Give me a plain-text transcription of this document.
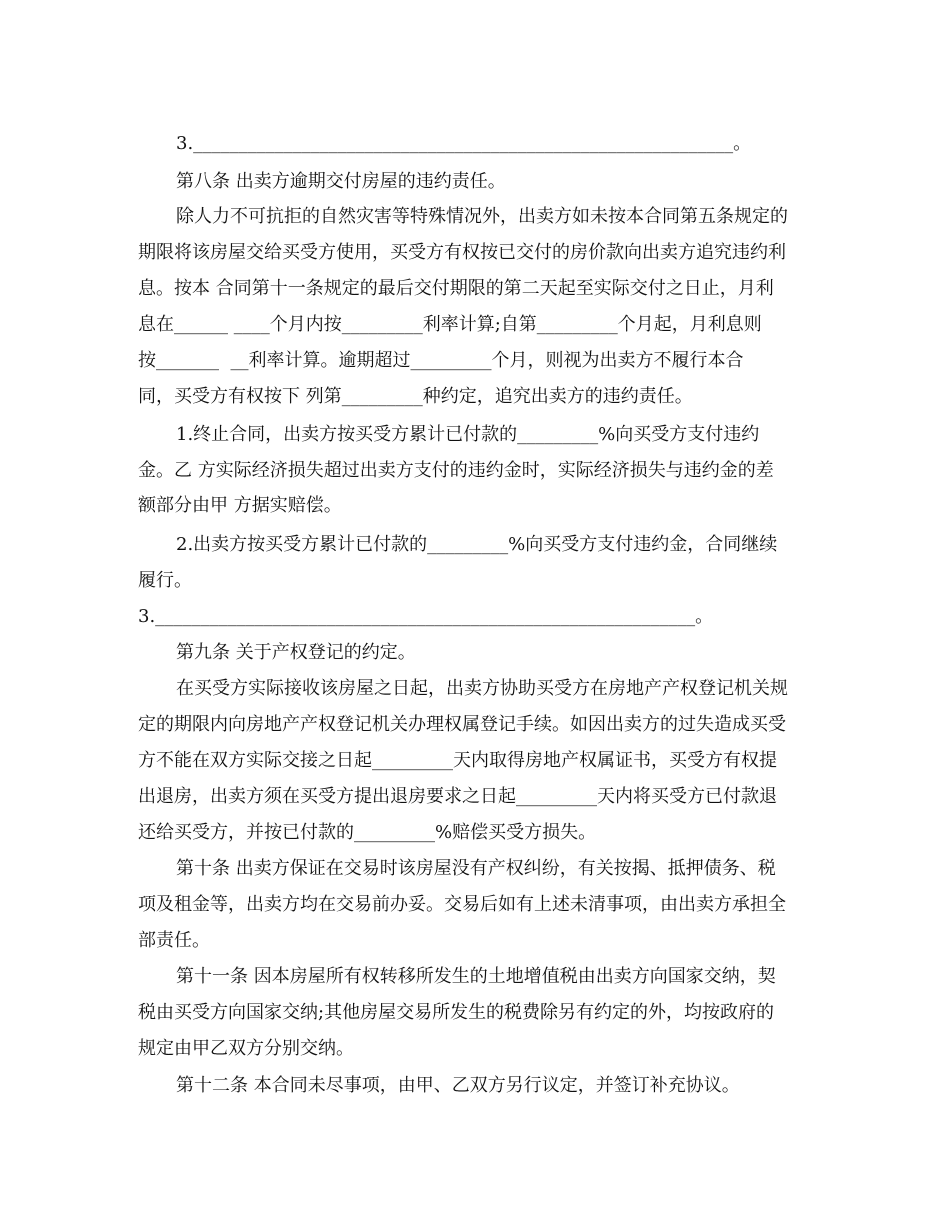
3.____________________________________________________________。
第八条 出卖方逾期交付房屋的违约责任。
除人力不可抗拒的自然灾害等特殊情况外，出卖方如未按本合同第五条规定的
期限将该房屋交给买受方使用，买受方有权按已交付的房价款向出卖方追究违约利
息。按本 合同第十一条规定的最后交付期限的第二天起至实际交付之日止，月利
息在______ ____个月内按_________利率计算;自第_________个月起，月利息则
按_______  __利率计算。逾期超过_________个月，则视为出卖方不履行本合
同，买受方有权按下 列第_________种约定，追究出卖方的违约责任。
1.终止合同，出卖方按买受方累计已付款的_________%向买受方支付违约
金。乙 方实际经济损失超过出卖方支付的违约金时，实际经济损失与违约金的差
额部分由甲 方据实赔偿。
2.出卖方按买受方累计已付款的_________%向买受方支付违约金，合同继续
履行。
3.____________________________________________________________。
第九条 关于产权登记的约定。
在买受方实际接收该房屋之日起，出卖方协助买受方在房地产产权登记机关规
定的期限内向房地产产权登记机关办理权属登记手续。如因出卖方的过失造成买受
方不能在双方实际交接之日起_________天内取得房地产权属证书，买受方有权提
出退房，出卖方须在买受方提出退房要求之日起_________天内将买受方已付款退
还给买受方，并按已付款的_________%赔偿买受方损失。
第十条 出卖方保证在交易时该房屋没有产权纠纷，有关按揭、抵押债务、税
项及租金等，出卖方均在交易前办妥。交易后如有上述未清事项，由出卖方承担全
部责任。
第十一条 因本房屋所有权转移所发生的土地增值税由出卖方向国家交纳，契
税由买受方向国家交纳;其他房屋交易所发生的税费除另有约定的外，均按政府的
规定由甲乙双方分别交纳。
第十二条 本合同未尽事项，由甲、乙双方另行议定，并签订补充协议。
